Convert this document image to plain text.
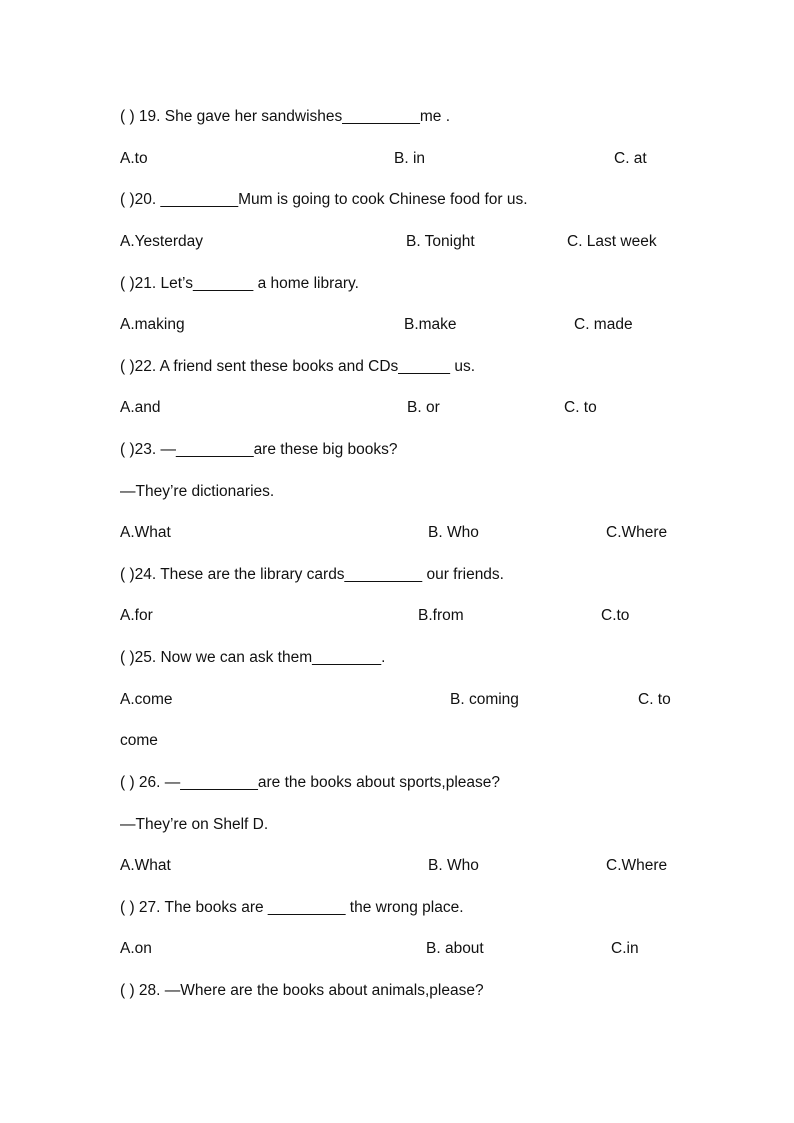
( ) 19. She gave her sandwishes_________me .
A.to	B. in	C. at
( )20. _________Mum is going to cook Chinese food for us.
A.Yesterday	B. Tonight	C. Last week
( )21. Let’s_______ a home library.
A.making	B.make	C. made
( )22. A friend sent these books and CDs______ us.
A.and	B. or	C. to
( )23. —_________are these big books?
—They’re dictionaries.
A.What	B. Who	C.Where
( )24. These are the library cards_________ our friends.
A.for	B.from	C.to
( )25. Now we can ask them________.
A.come	B. coming	C. to
come
( ) 26. —_________are the books about sports,please?
—They’re on Shelf D.
A.What	B. Who	C.Where
( ) 27. The books are _________ the wrong place.
A.on	B. about	C.in
( ) 28. —Where are the books about animals,please?
